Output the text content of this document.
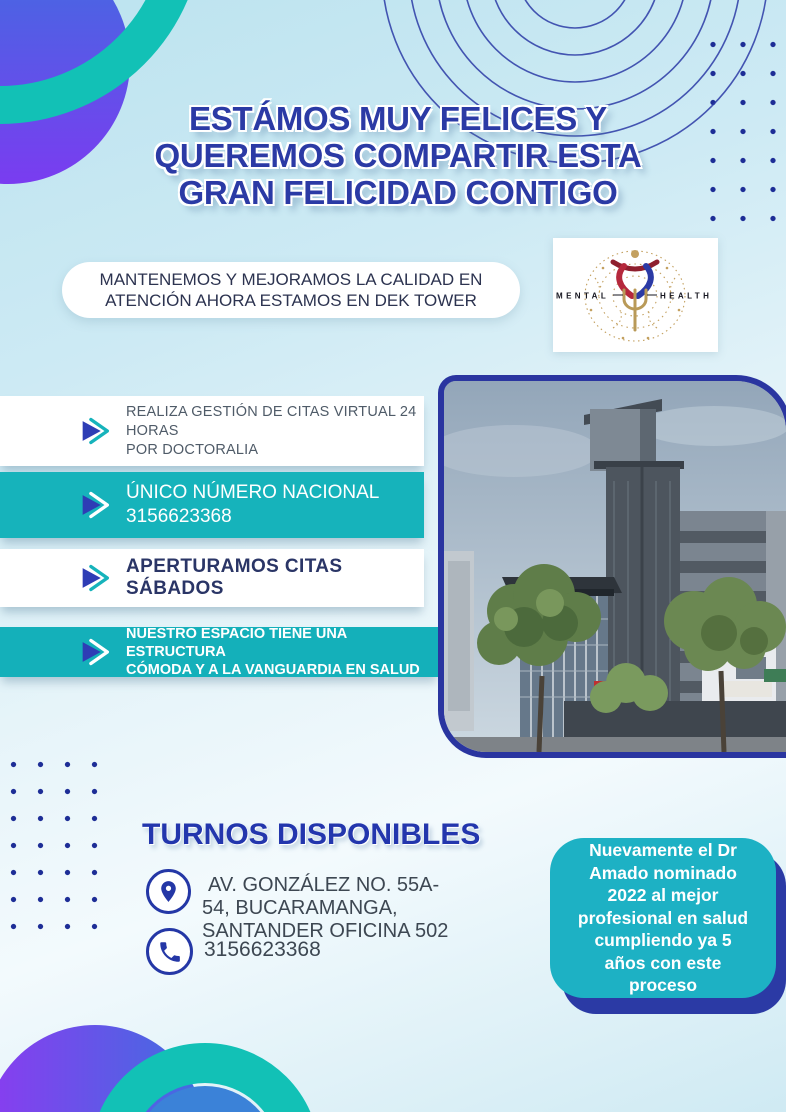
ESTÁMOS MUY FELICES Y
QUEREMOS COMPARTIR ESTA
GRAN FELICIDAD CONTIGO
MANTENEMOS Y MEJORAMOS LA CALIDAD EN
ATENCIÓN AHORA ESTAMOS EN DEK TOWER	MENTAL	HEALTH
REALIZA GESTIÓN DE CITAS VIRTUAL 24 HORAS
POR DOCTORALIA
ÚNICO NÚMERO NACIONAL
3156623368
APERTURAMOS CITAS SÁBADOS
NUESTRO ESPACIO TIENE UNA ESTRUCTURA
CÓMODA Y A LA VANGUARDIA EN SALUD
TURNOS DISPONIBLES
AV. GONZÁLEZ NO. 55A-
54, BUCARAMANGA,
SANTANDER OFICINA 502
3156623368
Nuevamente el Dr
Amado nominado
2022 al mejor
profesional en salud
cumpliendo ya 5
años con este
proceso
